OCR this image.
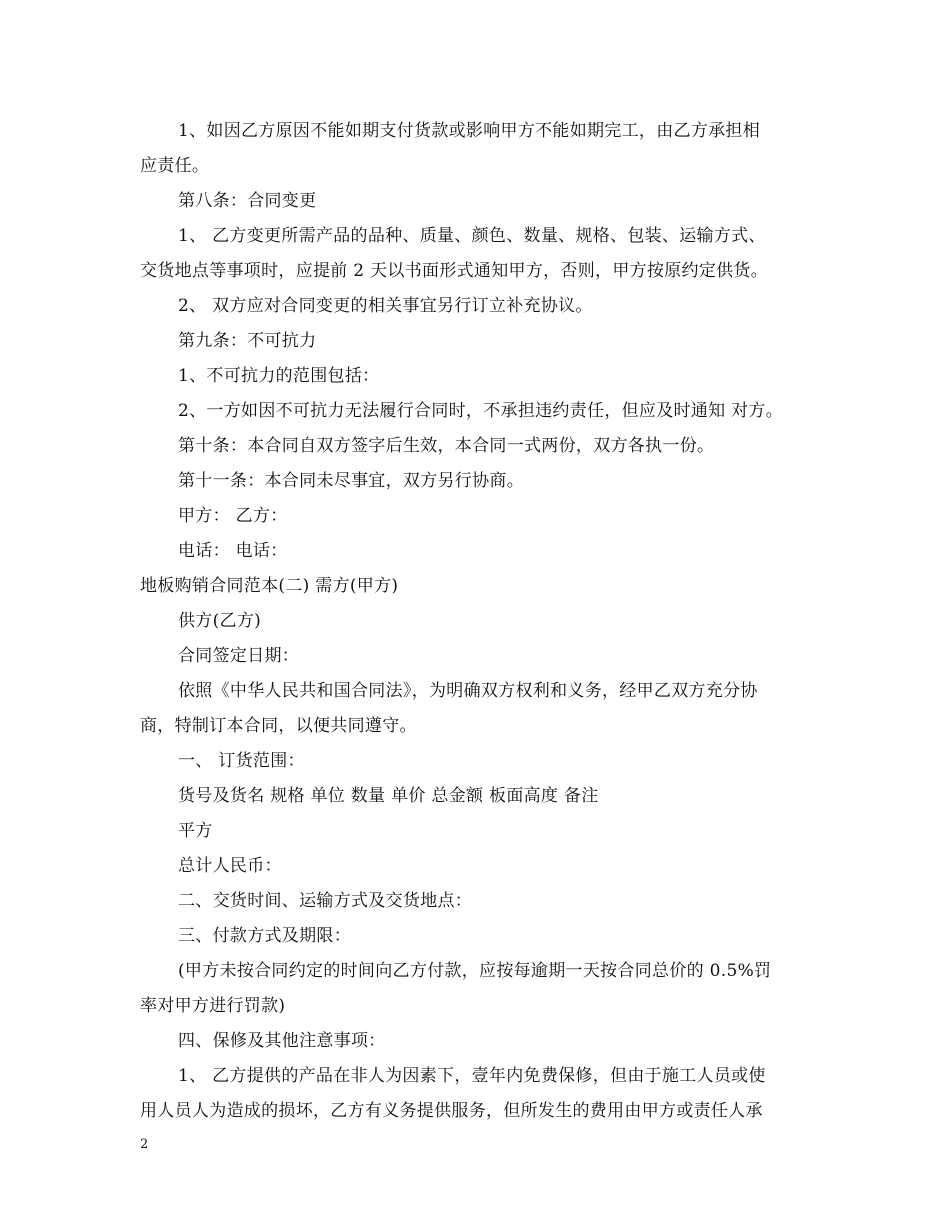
1、如因乙方原因不能如期支付货款或影响甲方不能如期完工，由乙方承担相
应责任。
第八条：合同变更
1、 乙方变更所需产品的品种、质量、颜色、数量、规格、包装、运输方式、
交货地点等事项时，应提前 2 天以书面形式通知甲方，否则，甲方按原约定供货。
2、 双方应对合同变更的相关事宜另行订立补充协议。
第九条：不可抗力
1、不可抗力的范围包括：
2、一方如因不可抗力无法履行合同时，不承担违约责任，但应及时通知 对方。
第十条：本合同自双方签字后生效，本合同一式两份，双方各执一份。
第十一条：本合同未尽事宜，双方另行协商。
甲方： 乙方：
电话： 电话：
地板购销合同范本(二) 需方(甲方)
供方(乙方)
合同签定日期：
依照《中华人民共和国合同法》，为明确双方权利和义务，经甲乙双方充分协
商，特制订本合同，以便共同遵守。
一、 订货范围：
货号及货名 规格 单位 数量 单价 总金额 板面高度 备注
平方
总计人民币：
二、交货时间、运输方式及交货地点：
三、付款方式及期限：
(甲方未按合同约定的时间向乙方付款，应按每逾期一天按合同总价的 0.5%罚
率对甲方进行罚款)
四、保修及其他注意事项：
1、 乙方提供的产品在非人为因素下，壹年内免费保修，但由于施工人员或使
用人员人为造成的损坏，乙方有义务提供服务，但所发生的费用由甲方或责任人承
2
